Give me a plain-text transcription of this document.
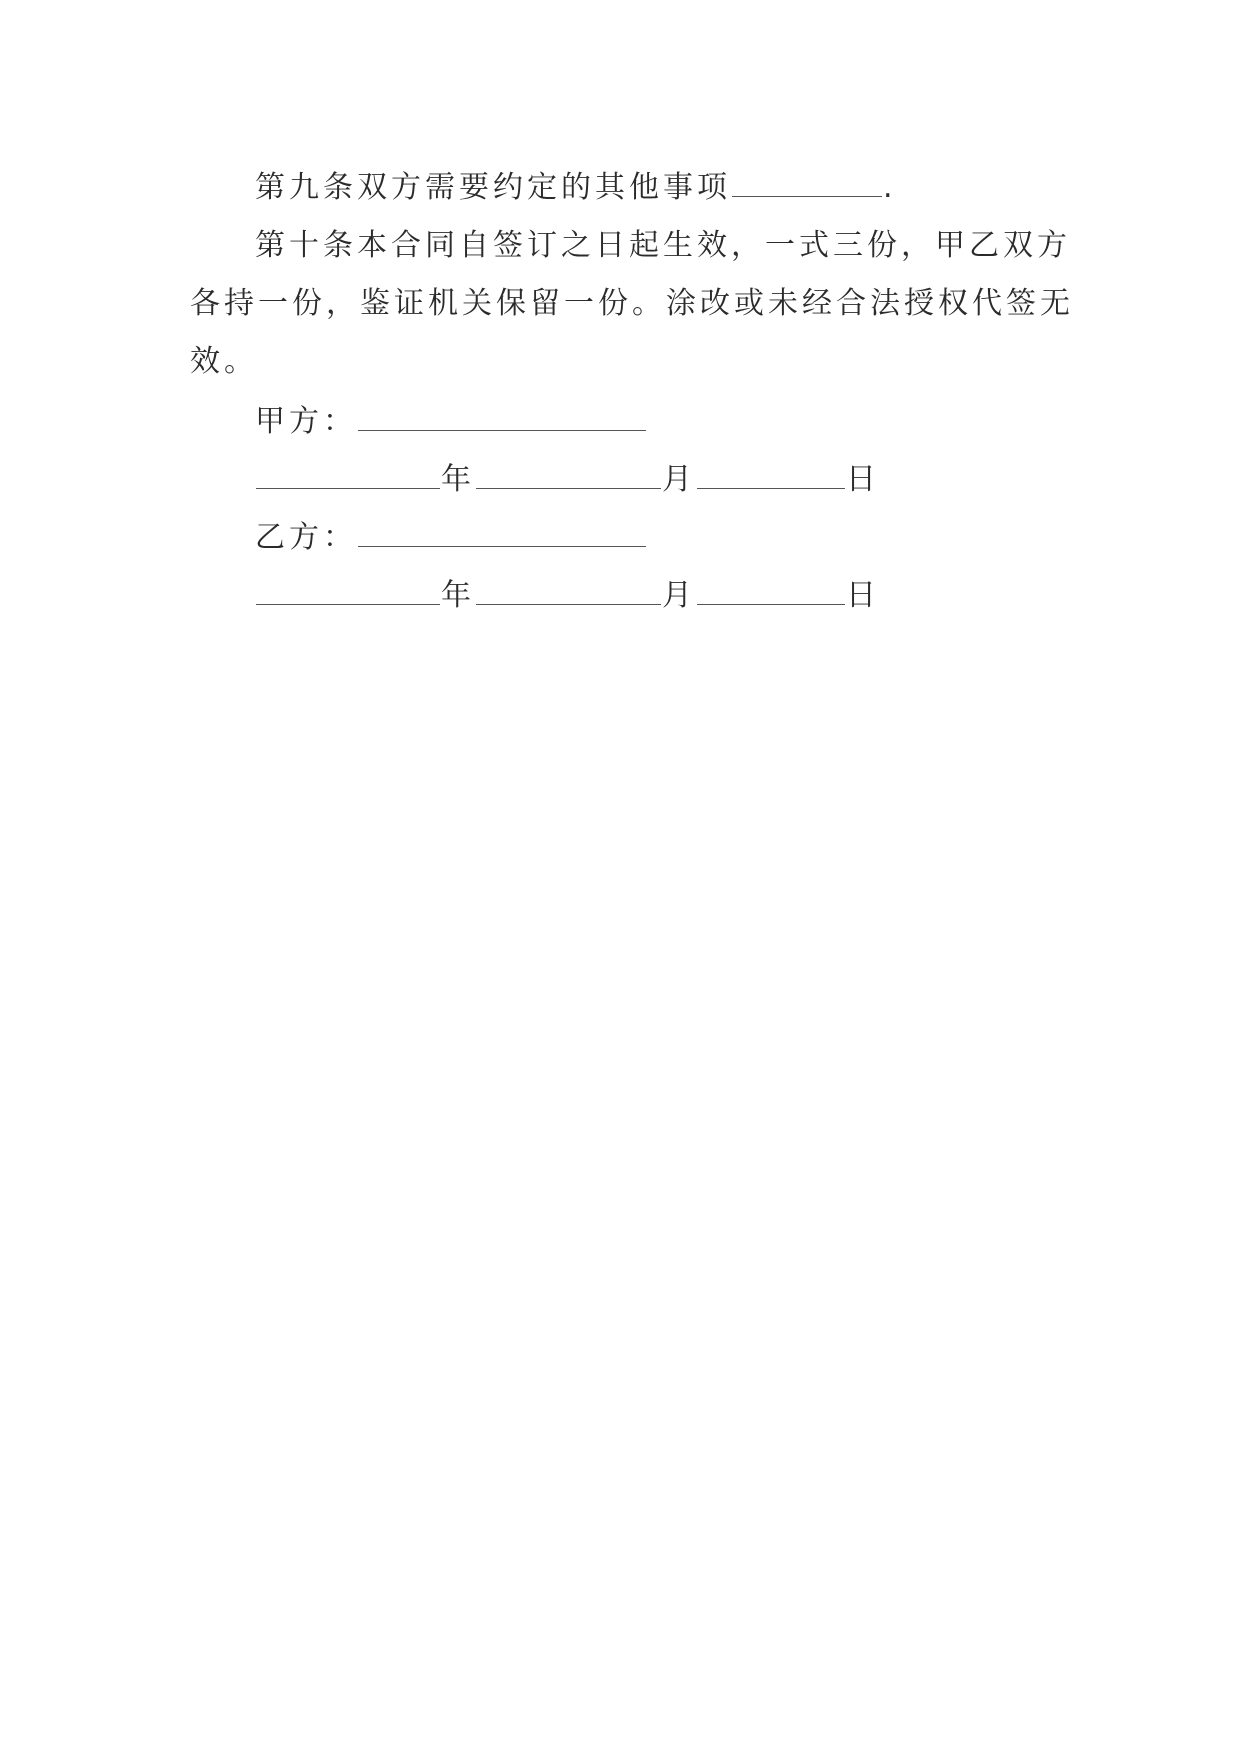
第九条双方需要约定的其他事项	.
第十条本合同自签订之日起生效，一式三份，甲乙双方
各持一份，鉴证机关保留一份。涂改或未经合法授权代签无
效。
甲方：
年	月	日
乙方：
年	月	日
